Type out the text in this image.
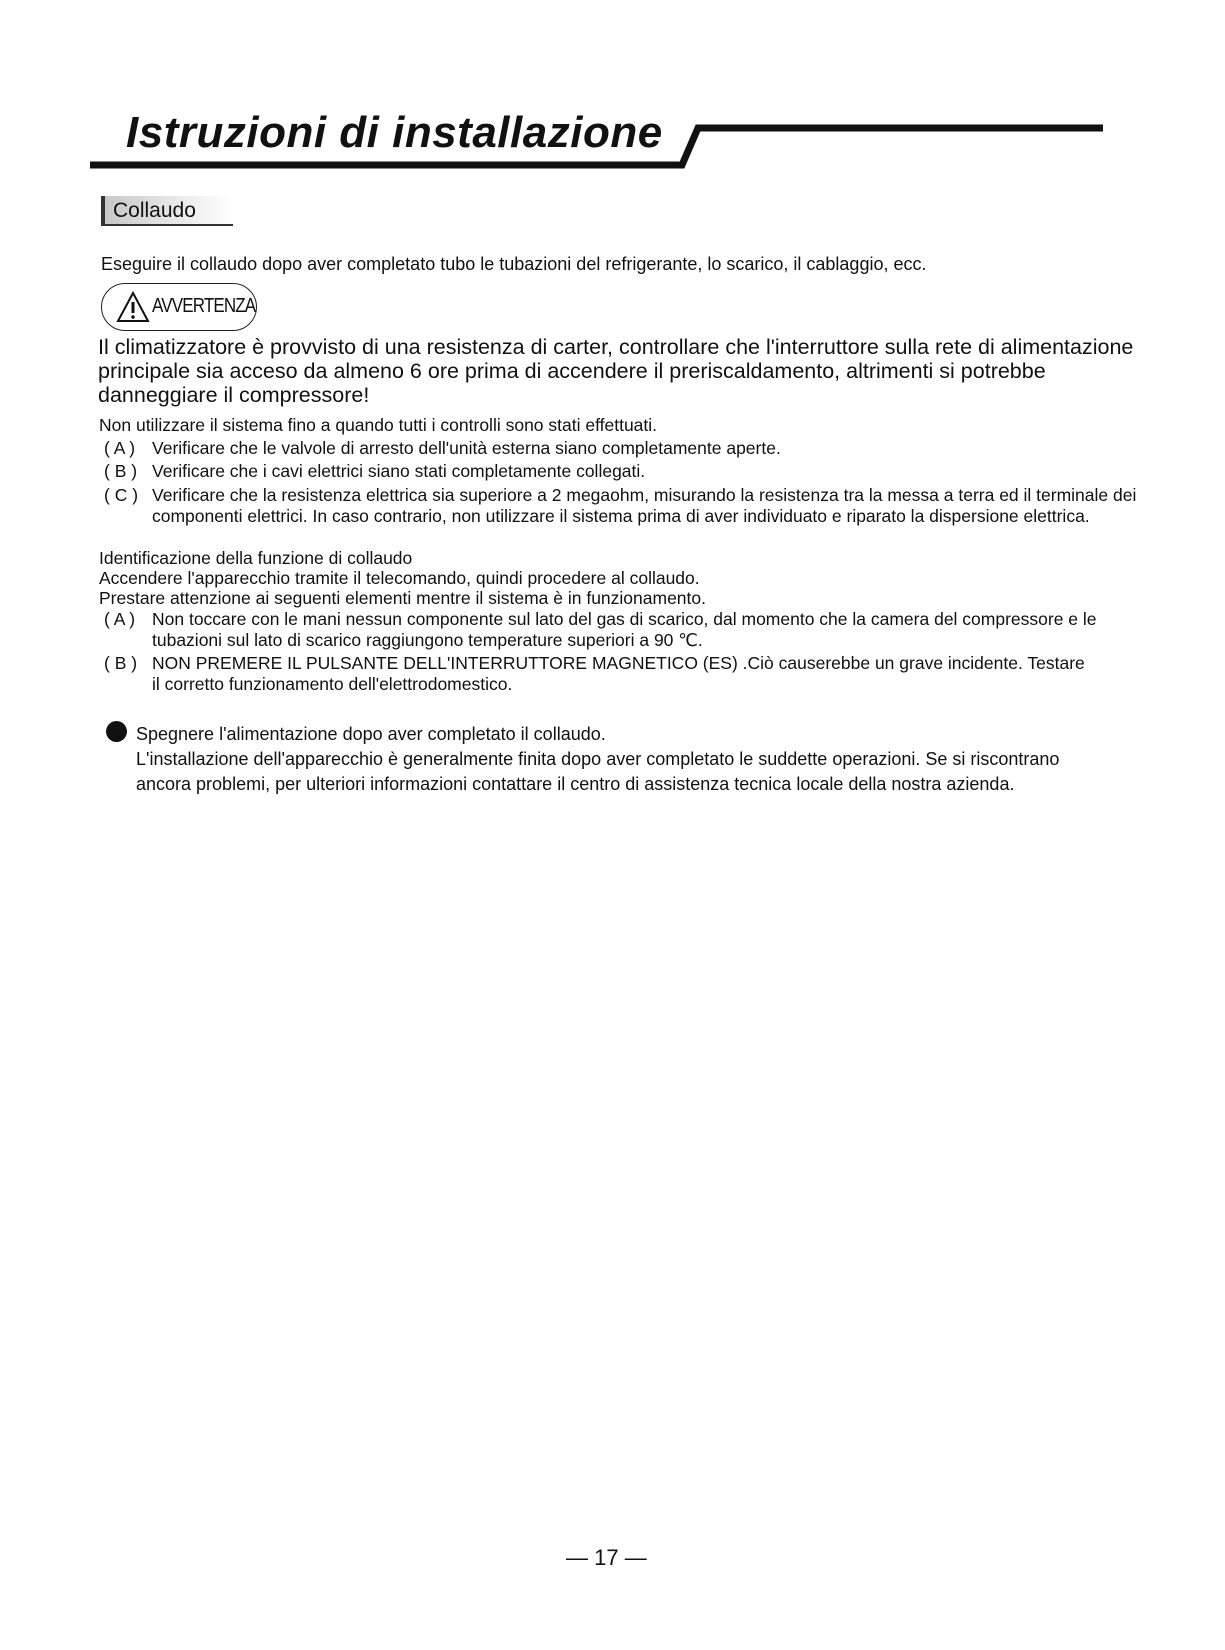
Istruzioni di installazione
Collaudo
Eseguire il collaudo dopo aver completato tubo le tubazioni del refrigerante, lo scarico, il cablaggio, ecc.
AVVERTENZA
Il climatizzatore è provvisto di una resistenza di carter, controllare che l'interruttore sulla rete di alimentazione principale sia acceso da almeno 6 ore prima di accendere il preriscaldamento, altrimenti si potrebbe danneggiare il compressore!
Non utilizzare il sistema fino a quando tutti i controlli sono stati effettuati.
( A ) Verificare che le valvole di arresto dell'unità esterna siano completamente aperte.
( B ) Verificare che i cavi elettrici siano stati completamente collegati.
( C ) Verificare che la resistenza elettrica sia superiore a 2 megaohm, misurando la resistenza tra la messa a terra ed il terminale dei componenti elettrici. In caso contrario, non utilizzare il sistema prima di aver individuato e riparato la dispersione elettrica.
Identificazione della funzione di collaudo
Accendere l'apparecchio tramite il telecomando, quindi procedere al collaudo.
Prestare attenzione ai seguenti elementi mentre il sistema è in funzionamento.
( A ) Non toccare con le mani nessun componente sul lato del gas di scarico, dal momento che la camera del compressore e le tubazioni sul lato di scarico raggiungono temperature superiori a 90 ℃.
( B ) NON PREMERE IL PULSANTE DELL'INTERRUTTORE MAGNETICO (ES) .Ciò causerebbe un grave incidente. Testare il corretto funzionamento dell'elettrodomestico.
Spegnere l'alimentazione dopo aver completato il collaudo.
L'installazione dell'apparecchio è generalmente finita dopo aver completato le suddette operazioni. Se si riscontrano ancora problemi, per ulteriori informazioni contattare il centro di assistenza tecnica locale della nostra azienda.
— 17 —
